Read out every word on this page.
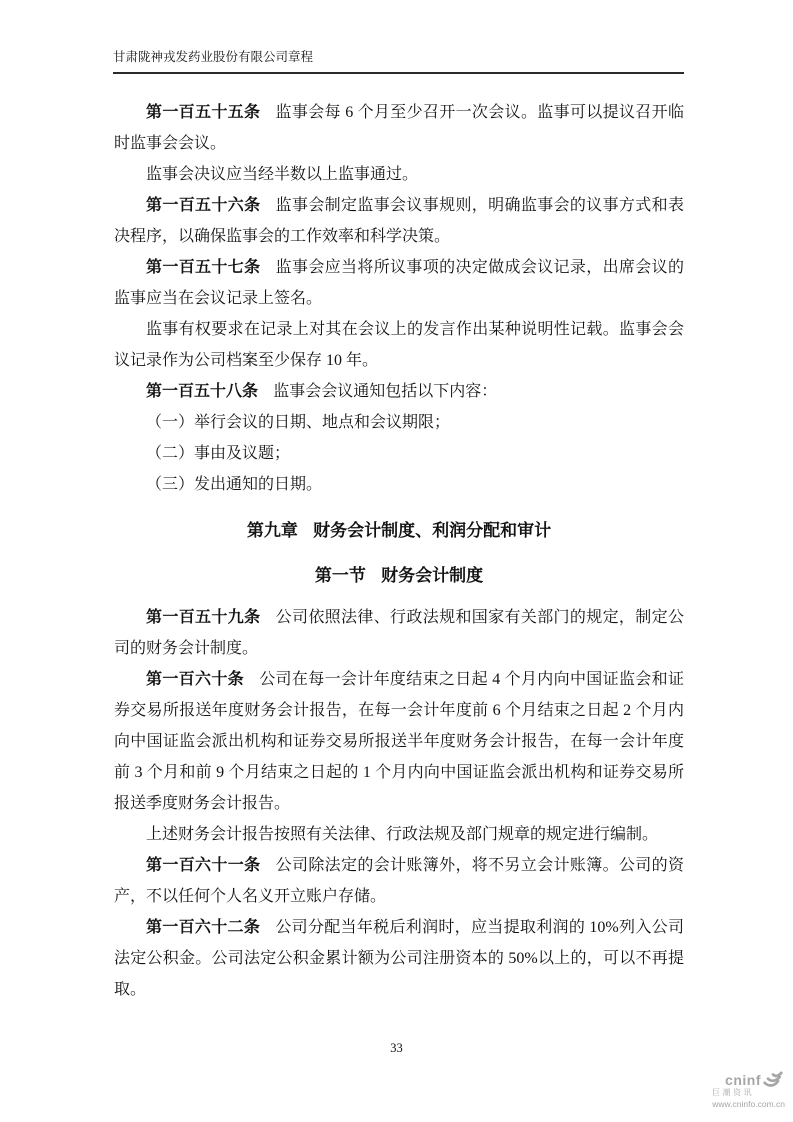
甘肃陇神戎发药业股份有限公司章程

第一百五十五条 监事会每 6 个月至少召开一次会议。监事可以提议召开临时监事会会议。

监事会决议应当经半数以上监事通过。

第一百五十六条 监事会制定监事会议事规则，明确监事会的议事方式和表决程序，以确保监事会的工作效率和科学决策。

第一百五十七条 监事会应当将所议事项的决定做成会议记录，出席会议的监事应当在会议记录上签名。

监事有权要求在记录上对其在会议上的发言作出某种说明性记载。监事会会议记录作为公司档案至少保存 10 年。

第一百五十八条 监事会会议通知包括以下内容：

（一）举行会议的日期、地点和会议期限；

（二）事由及议题；

（三）发出通知的日期。

第九章 财务会计制度、利润分配和审计

第一节 财务会计制度

第一百五十九条 公司依照法律、行政法规和国家有关部门的规定，制定公司的财务会计制度。

第一百六十条 公司在每一会计年度结束之日起 4 个月内向中国证监会和证券交易所报送年度财务会计报告，在每一会计年度前 6 个月结束之日起 2 个月内向中国证监会派出机构和证券交易所报送半年度财务会计报告，在每一会计年度前 3 个月和前 9 个月结束之日起的 1 个月内向中国证监会派出机构和证券交易所报送季度财务会计报告。

上述财务会计报告按照有关法律、行政法规及部门规章的规定进行编制。

第一百六十一条 公司除法定的会计账簿外，将不另立会计账簿。公司的资产，不以任何个人名义开立账户存储。

第一百六十二条 公司分配当年税后利润时，应当提取利润的 10%列入公司法定公积金。公司法定公积金累计额为公司注册资本的 50%以上的，可以不再提取。

33
cninf
巨潮资讯
www.cninfo.com.cn
